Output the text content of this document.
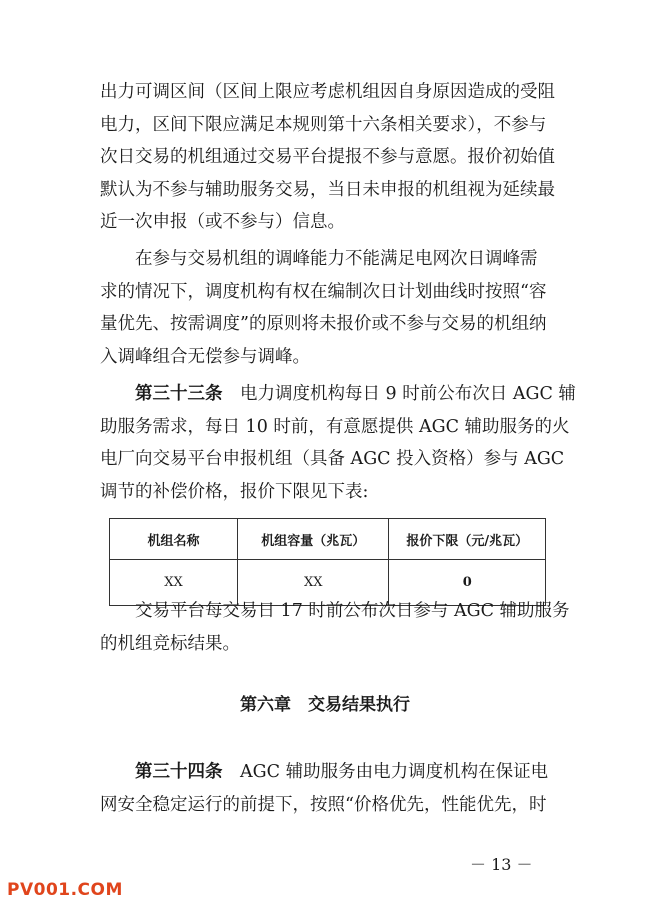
出力可调区间（区间上限应考虑机组因自身原因造成的受阻
电力，区间下限应满足本规则第十六条相关要求），不参与
次日交易的机组通过交易平台提报不参与意愿。报价初始值
默认为不参与辅助服务交易，当日未申报的机组视为延续最
近一次申报（或不参与）信息。
在参与交易机组的调峰能力不能满足电网次日调峰需
求的情况下，调度机构有权在编制次日计划曲线时按照“容
量优先、按需调度”的原则将未报价或不参与交易的机组纳
入调峰组合无偿参与调峰。
第三十三条　 电力调度机构每日 9 时前公布次日 AGC 辅
助服务需求，每日 10 时前，有意愿提供 AGC 辅助服务的火
电厂向交易平台申报机组（具备 AGC 投入资格）参与 AGC
调节的补偿价格，报价下限见下表:
机组名称	机组容量（兆瓦）	报价下限（元/兆瓦）
XX	XX	0
交易平台每交易日 17 时前公布次日参与 AGC 辅助服务
的机组竞标结果。
第六章　交易结果执行
第三十四条　 AGC 辅助服务由电力调度机构在保证电
网安全稳定运行的前提下，按照“价格优先，性能优先，时
－ 13 －
PV001.COM
